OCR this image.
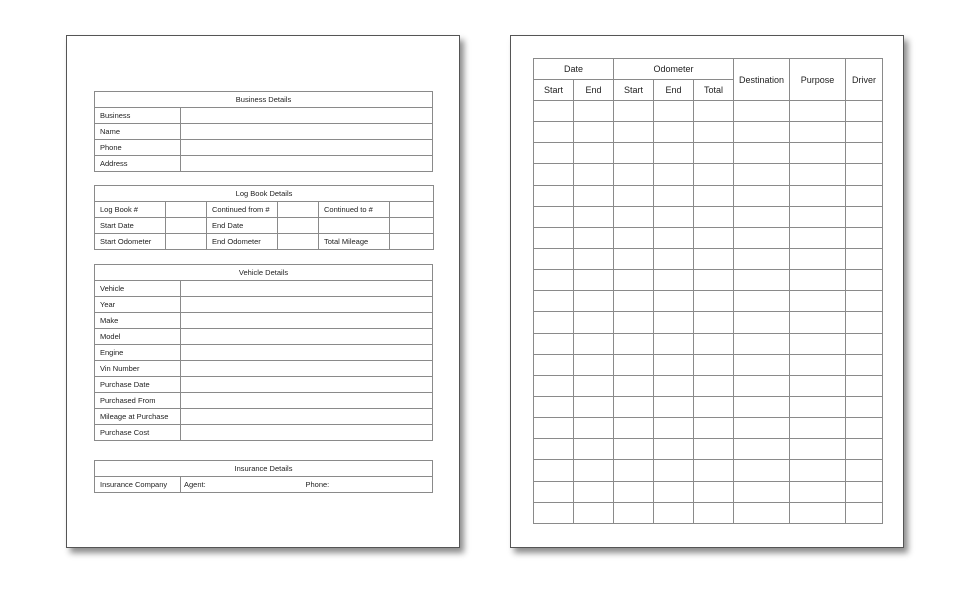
Business Details	
Business	
Name	
Phone	
Address	
Log Book Details					
Log Book #		Continued from #		Continued to #	
Start Date		End Date			
Start Odometer		End Odometer		Total Mileage	
Vehicle Details	
Vehicle	
Year	
Make	
Model	
Engine	
Vin Number	
Purchase Date	
Purchased From	
Mileage at Purchase	
Purchase Cost	
Insurance Details
Insurance Company	Agent:	Phone:
Date		Odometer			Destination	Purpose	Driver
Start	End	Start	End	Total			
